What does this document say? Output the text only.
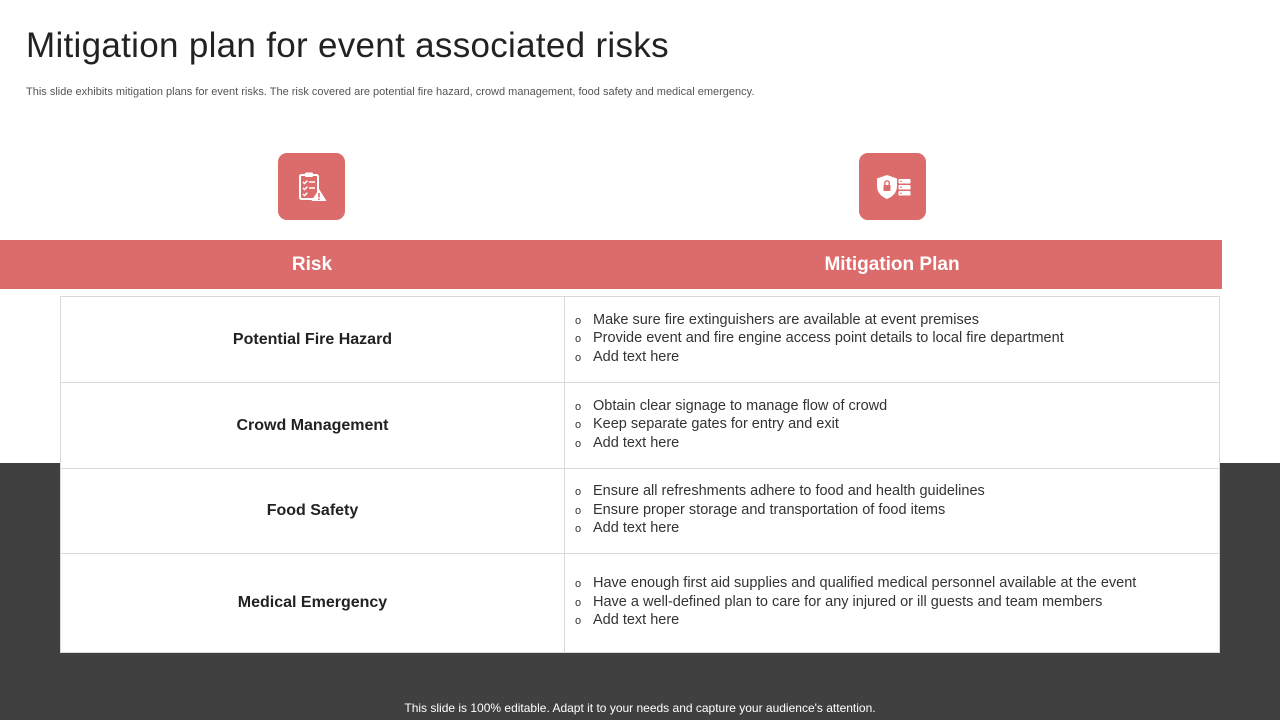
Mitigation plan for event associated risks

This slide exhibits mitigation plans for event risks. The risk covered are potential fire hazard, crowd management, food safety and medical emergency.

Risk	Mitigation Plan
Potential Fire Hazard
o Make sure fire extinguishers are available at event premises
o Provide event and fire engine access point details to local fire department
o Add text here
Crowd Management
o Obtain clear signage to manage flow of crowd
o Keep separate gates for entry and exit
o Add text here
Food Safety
o Ensure all refreshments adhere to food and health guidelines
o Ensure proper storage and transportation of food items
o Add text here
Medical Emergency
o Have enough first aid supplies and qualified medical personnel available at the event
o Have a well-defined plan to care for any injured or ill guests and team members
o Add text here
This slide is 100% editable. Adapt it to your needs and capture your audience's attention.
